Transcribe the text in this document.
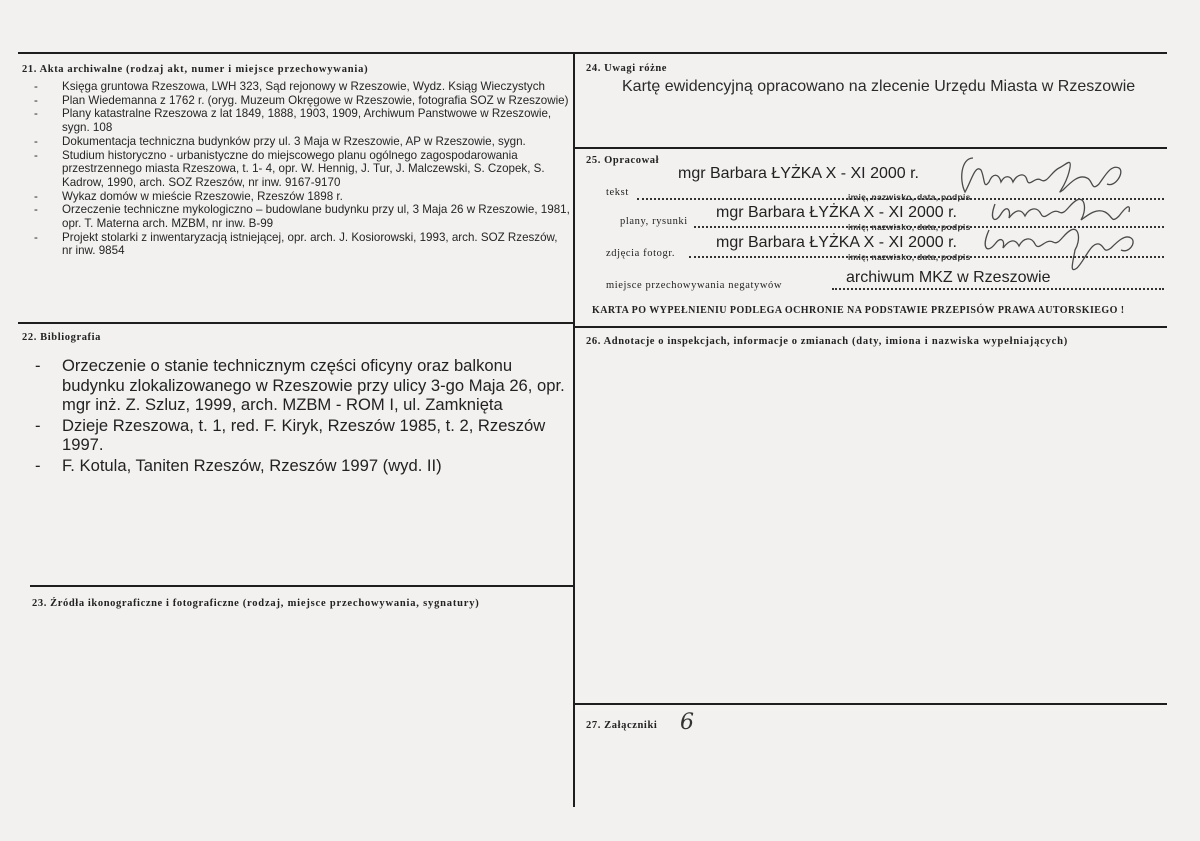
21. Akta archiwalne (rodzaj akt, numer i miejsce przechowywania)
- Księga gruntowa Rzeszowa, LWH 323, Sąd rejonowy w Rzeszowie, Wydz. Ksiąg Wieczystych
- Plan Wiedemanna z 1762 r. (oryg. Muzeum Okręgowe w Rzeszowie, fotografia SOZ w Rzeszowie)
- Plany katastralne Rzeszowa z lat 1849, 1888, 1903, 1909, Archiwum Panstwowe w Rzeszowie, sygn. 108
- Dokumentacja techniczna budynków przy ul. 3 Maja w Rzeszowie, AP w Rzeszowie, sygn.
- Studium historyczno - urbanistyczne do miejscowego planu ogólnego zagospodarowania przestrzennego miasta Rzeszowa, t. 1- 4, opr. W. Hennig, J. Tur, J. Malczewski, S. Czopek, S. Kadrow, 1990, arch. SOZ Rzeszów, nr inw. 9167-9170
- Wykaz domów w mieście Rzeszowie, Rzeszów 1898 r.
- Orzeczenie techniczne mykologiczno – budowlane budynku przy ul, 3 Maja 26 w Rzeszowie, 1981, opr. T. Materna arch. MZBM, nr inw. B-99
- Projekt stolarki z inwentaryzacją istniejącej, opr. arch. J. Kosiorowski, 1993, arch. SOZ Rzeszów, nr inw. 9854
22. Bibliografia
- Orzeczenie o stanie technicznym części oficyny oraz balkonu budynku zlokalizowanego w Rzeszowie przy ulicy 3-go Maja 26, opr. mgr inż. Z. Szluz, 1999, arch. MZBM - ROM I, ul. Zamknięta
- Dzieje Rzeszowa, t. 1, red. F. Kiryk, Rzeszów 1985, t. 2, Rzeszów 1997.
- F. Kotula, Taniten Rzeszów, Rzeszów 1997 (wyd. II)
23. Źródła ikonograficzne i fotograficzne (rodzaj, miejsce przechowywania, sygnatury)
24. Uwagi różne
Kartę ewidencyjną opracowano na zlecenie Urzędu Miasta w Rzeszowie
25. Opracował
tekst
mgr Barbara ŁYŻKA X - XI 2000 r.
imię, nazwisko, data, podpis
plany, rysunki
mgr Barbara ŁYŻKA X - XI 2000 r.
imię, nazwisko, data, podpis
zdjęcia fotogr.
mgr Barbara ŁYŻKA X - XI 2000 r.
imię, nazwisko, data, podpis
miejsce przechowywania negatywów	archiwum MKZ w Rzeszowie
KARTA PO WYPEŁNIENIU PODLEGA OCHRONIE NA PODSTAWIE PRZEPISÓW PRAWA AUTORSKIEGO !
26. Adnotacje o inspekcjach, informacje o zmianach (daty, imiona i nazwiska wypełniających)
27. Załączniki 6
